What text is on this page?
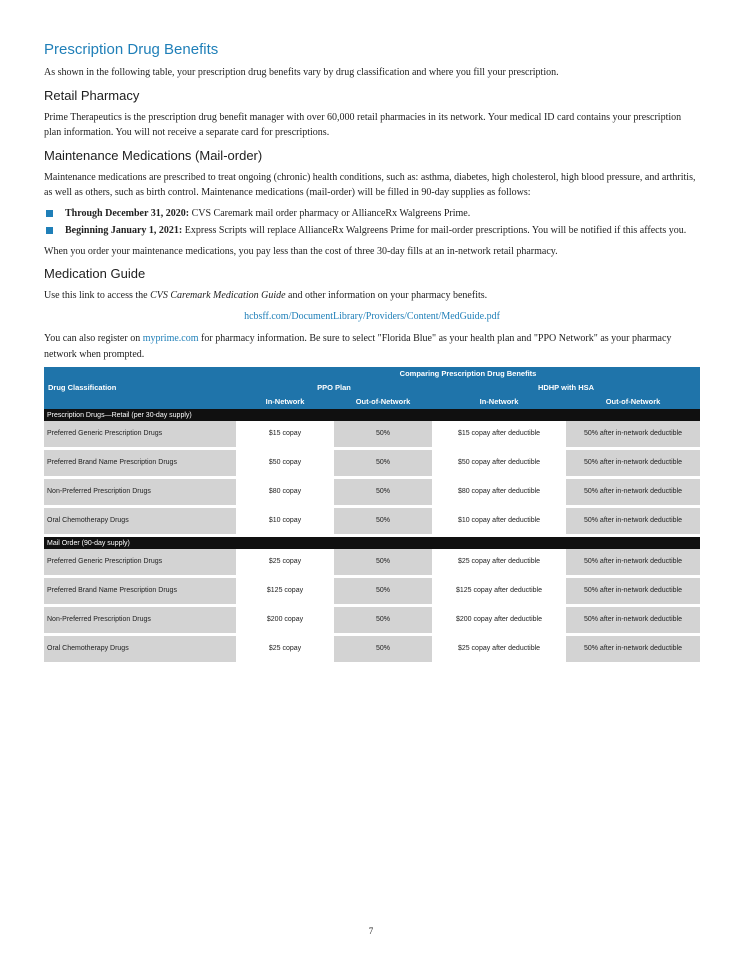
Prescription Drug Benefits

As shown in the following table, your prescription drug benefits vary by drug classification and where you fill your prescription.

Retail Pharmacy

Prime Therapeutics is the prescription drug benefit manager with over 60,000 retail pharmacies in its network. Your medical ID card contains your prescription plan information. You will not receive a separate card for prescriptions.

Maintenance Medications (Mail-order)

Maintenance medications are prescribed to treat ongoing (chronic) health conditions, such as: asthma, diabetes, high cholesterol, high blood pressure, and arthritis, as well as others, such as birth control. Maintenance medications (mail-order) will be filled in 90-day supplies as follows:

Through December 31, 2020: CVS Caremark mail order pharmacy or AllianceRx Walgreens Prime.
Beginning January 1, 2021: Express Scripts will replace AllianceRx Walgreens Prime for mail-order prescriptions. You will be notified if this affects you.

When you order your maintenance medications, you pay less than the cost of three 30-day fills at an in-network retail pharmacy.

Medication Guide

Use this link to access the CVS Caremark Medication Guide and other information on your pharmacy benefits.

hcbsff.com/DocumentLibrary/Providers/Content/MedGuide.pdf

You can also register on myprime.com for pharmacy information. Be sure to select "Florida Blue" as your health plan and "PPO Network" as your pharmacy network when prompted.

Drug Classification	Comparing Prescription Drug Benefits			
	PPO Plan		HDHP with HSA	
	In-Network	Out-of-Network	In-Network	Out-of-Network
Prescription Drugs—Retail (per 30-day supply)				
Preferred Generic Prescription Drugs	$15 copay	50%	$15 copay after deductible	50% after in-network deductible
Preferred Brand Name Prescription Drugs	$50 copay	50%	$50 copay after deductible	50% after in-network deductible
Non-Preferred Prescription Drugs	$80 copay	50%	$80 copay after deductible	50% after in-network deductible
Oral Chemotherapy Drugs	$10 copay	50%	$10 copay after deductible	50% after in-network deductible
Mail Order (90-day supply)				
Preferred Generic Prescription Drugs	$25 copay	50%	$25 copay after deductible	50% after in-network deductible
Preferred Brand Name Prescription Drugs	$125 copay	50%	$125 copay after deductible	50% after in-network deductible
Non-Preferred Prescription Drugs	$200 copay	50%	$200 copay after deductible	50% after in-network deductible
Oral Chemotherapy Drugs	$25 copay	50%	$25 copay after deductible	50% after in-network deductible
7
